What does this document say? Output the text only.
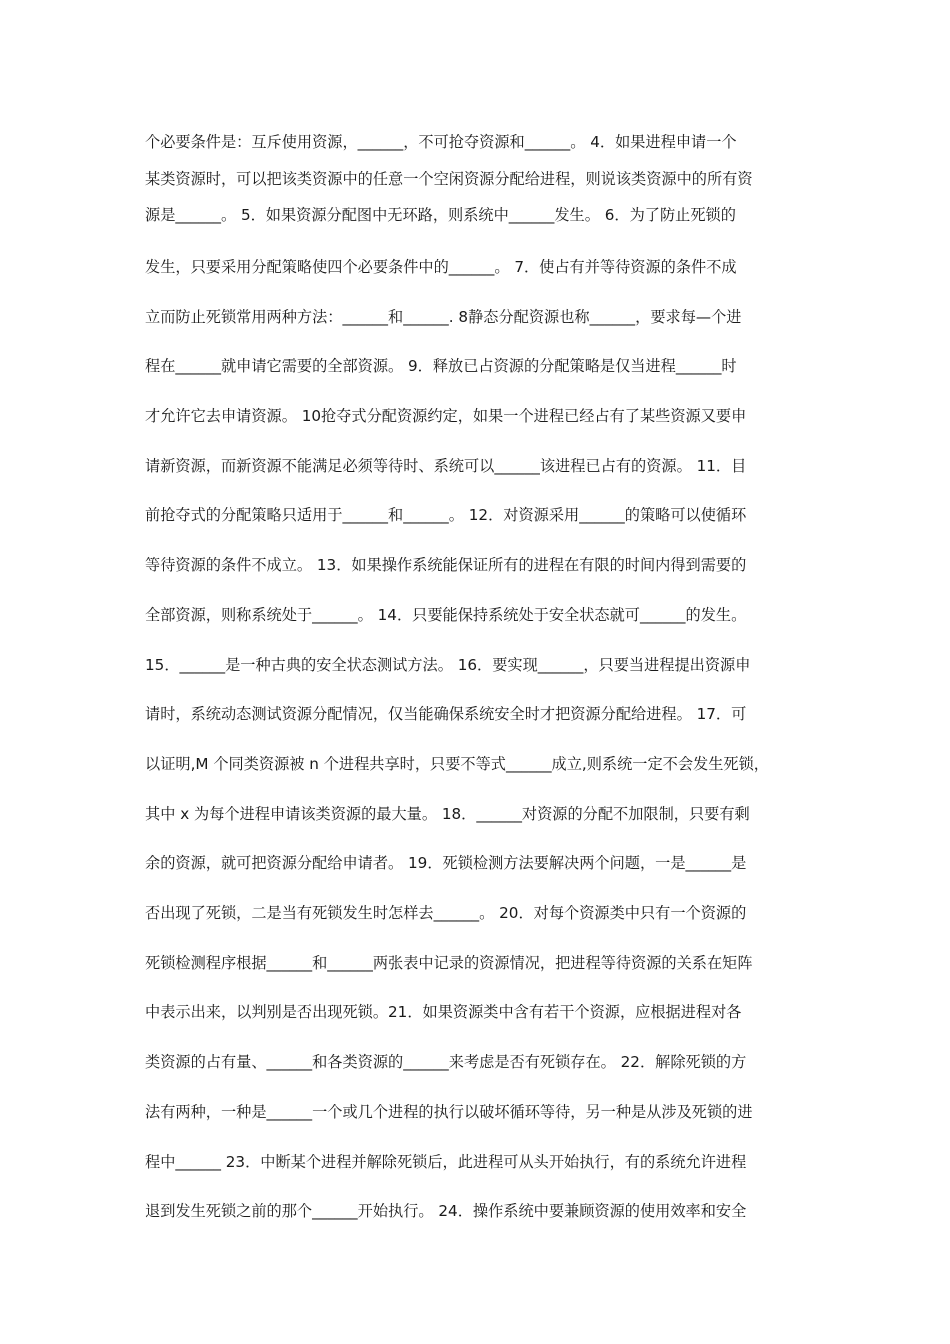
个必要条件是：互斥使用资源，______，不可抢夺资源和______。 4．如果进程申请一个
某类资源时，可以把该类资源中的任意一个空闲资源分配给进程，则说该类资源中的所有资
源是______。 5．如果资源分配图中无环路，则系统中______发生。 6．为了防止死锁的
发生，只要采用分配策略使四个必要条件中的______。 7．使占有并等待资源的条件不成
立而防止死锁常用两种方法：______和______. 8静态分配资源也称______，要求每—个进
程在______就申请它需要的全部资源。 9．释放已占资源的分配策略是仅当进程______时
才允许它去申请资源。 10抢夺式分配资源约定，如果一个进程已经占有了某些资源又要申
请新资源，而新资源不能满足必须等待时、系统可以______该进程已占有的资源。 11．目
前抢夺式的分配策略只适用于______和______。 12．对资源采用______的策略可以使循环
等待资源的条件不成立。 13．如果操作系统能保证所有的进程在有限的时间内得到需要的
全部资源，则称系统处于______。 14．只要能保持系统处于安全状态就可______的发生。
15．______是一种古典的安全状态测试方法。 16．要实现______，只要当进程提出资源申
请时，系统动态测试资源分配情况，仅当能确保系统安全时才把资源分配给进程。 17．可
以证明,M 个同类资源被 n 个进程共享时，只要不等式______成立,则系统一定不会发生死锁，
其中 x 为每个进程申请该类资源的最大量。 18．______对资源的分配不加限制，只要有剩
余的资源，就可把资源分配给申请者。 19．死锁检测方法要解决两个问题，一是______是
否出现了死锁，二是当有死锁发生时怎样去______。 20．对每个资源类中只有一个资源的
死锁检测程序根据______和______两张表中记录的资源情况，把进程等待资源的关系在矩阵
中表示出来，以判别是否出现死锁。21．如果资源类中含有若干个资源，应根据进程对各
类资源的占有量、______和各类资源的______来考虑是否有死锁存在。 22．解除死锁的方
法有两种，一种是______一个或几个进程的执行以破坏循环等待，另一种是从涉及死锁的进
程中______ 23．中断某个进程并解除死锁后，此进程可从头开始执行，有的系统允许进程
退到发生死锁之前的那个______开始执行。 24．操作系统中要兼顾资源的使用效率和安全
